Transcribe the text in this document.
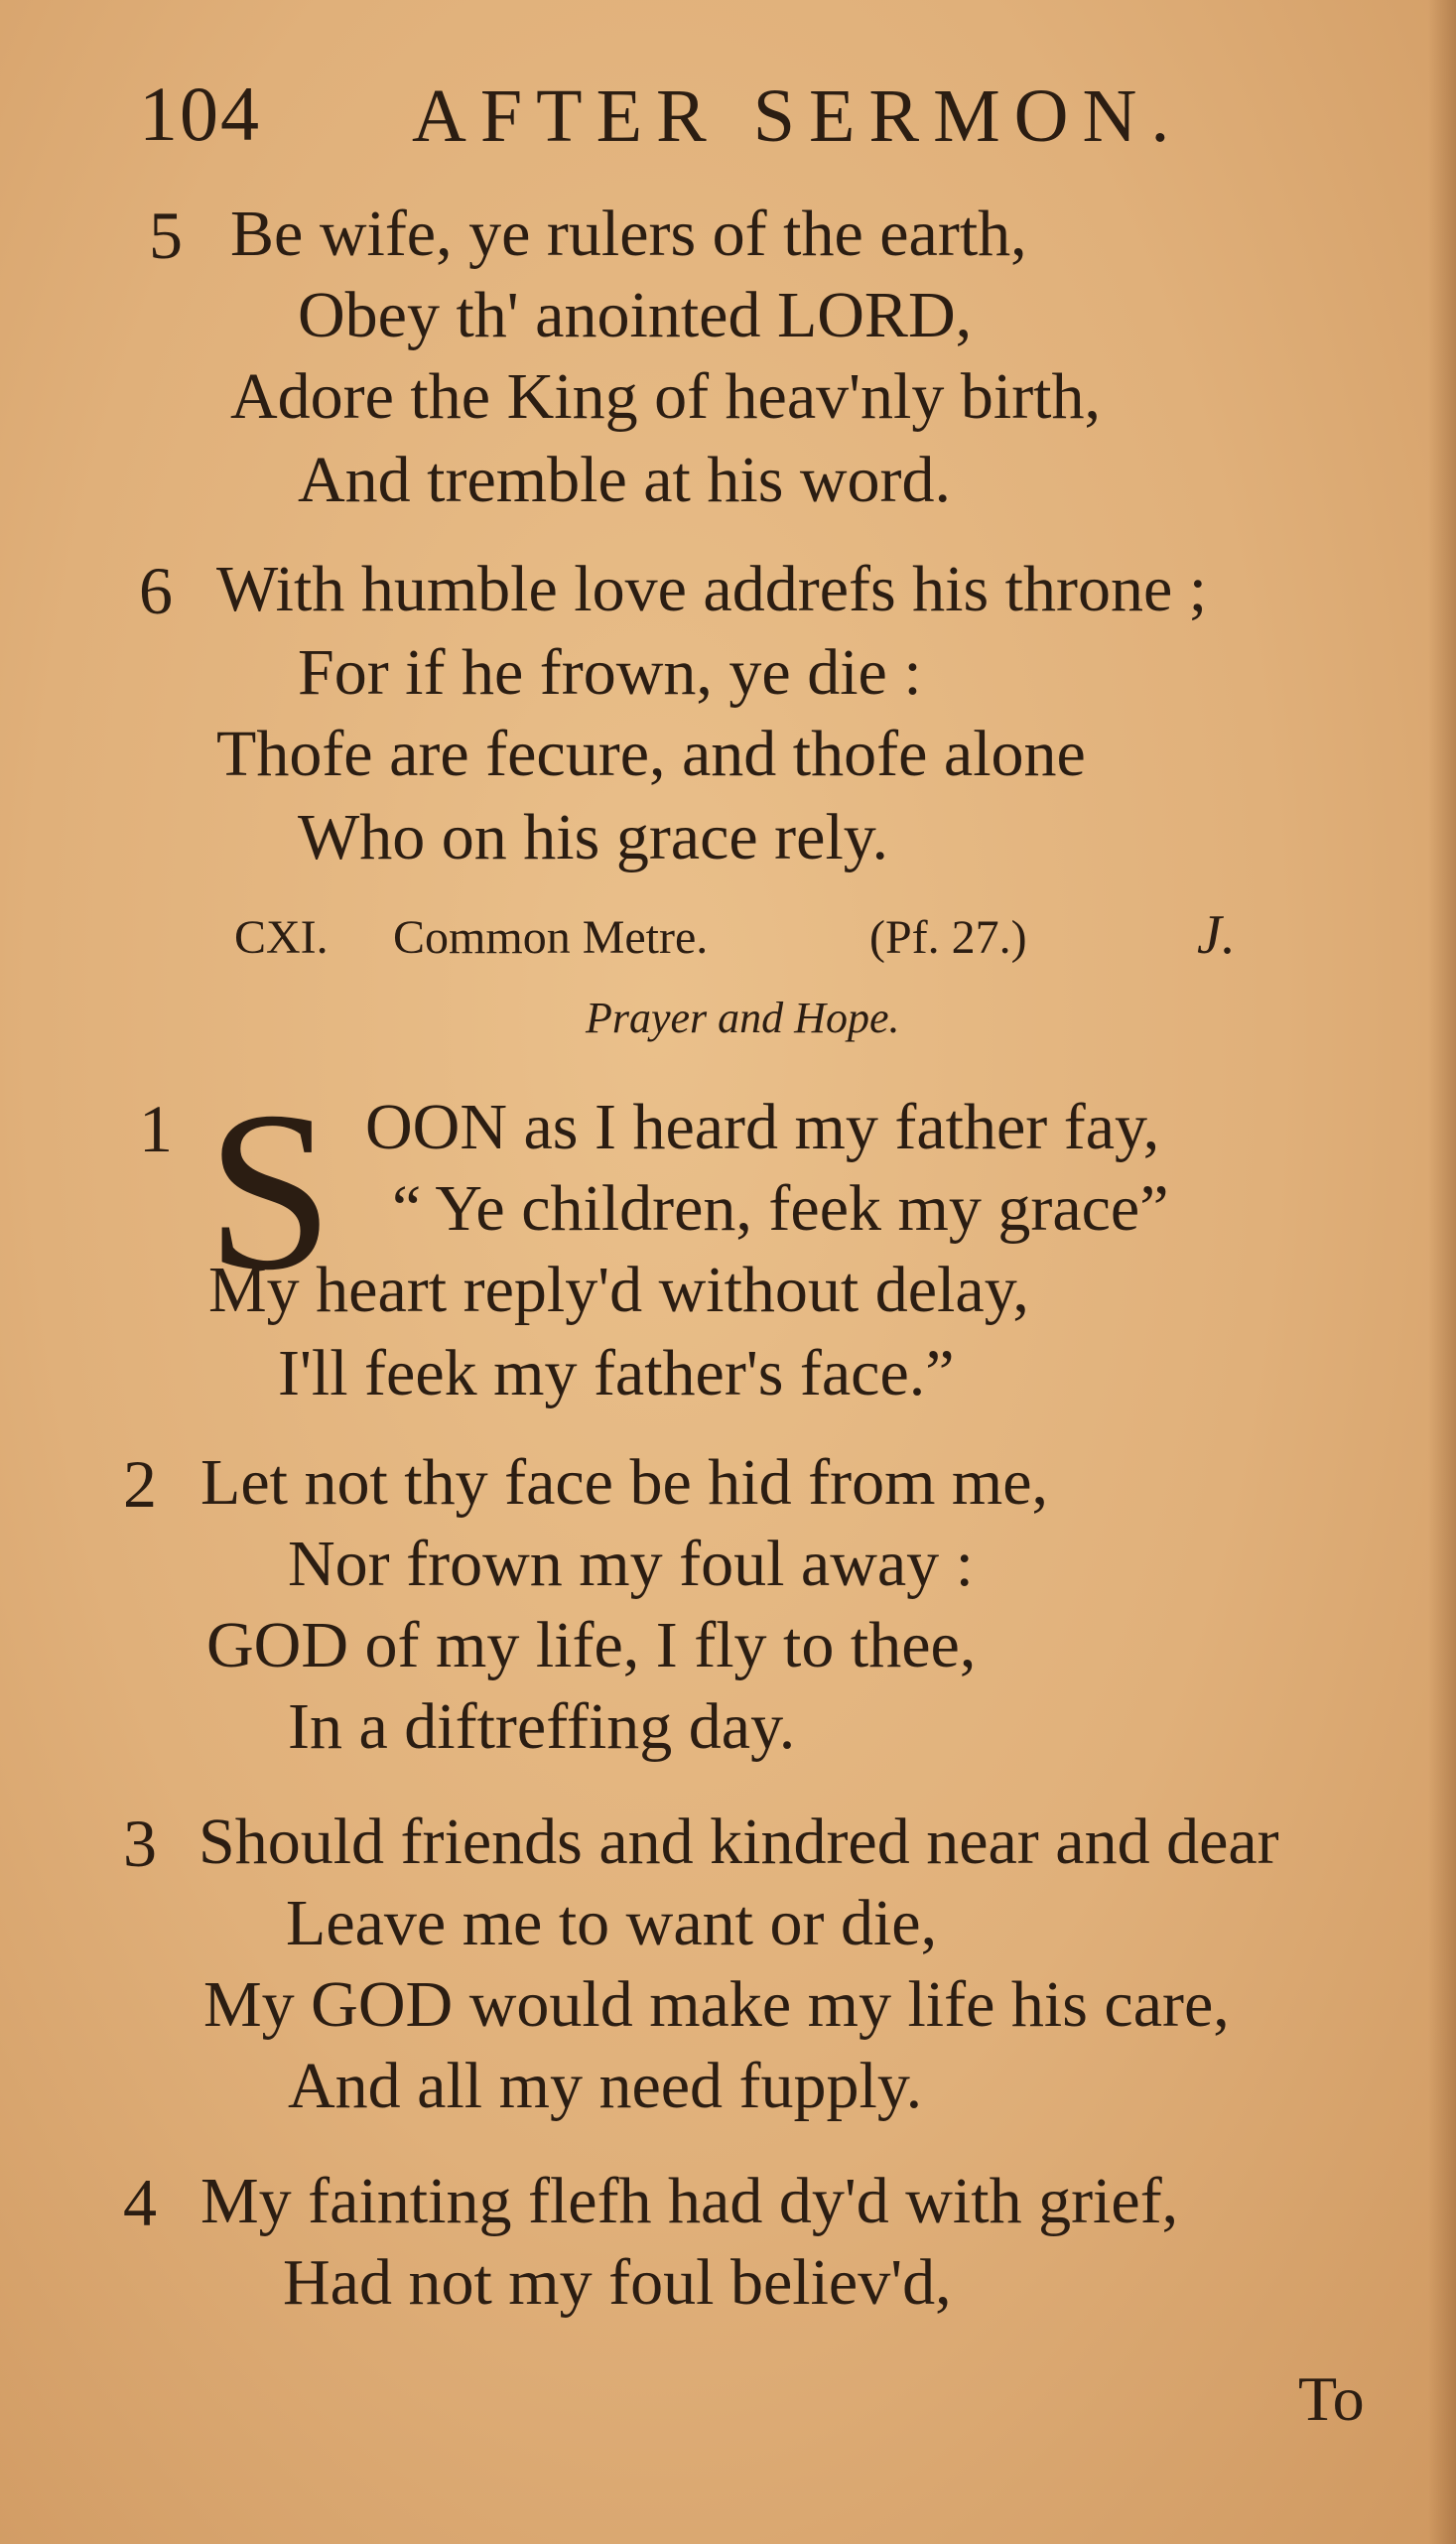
104 AFTER SERMON.
5 Be wife, ye rulers of the earth,
Obey th' anointed LORD,
Adore the King of heav'nly birth,
And tremble at his word.
6 With humble love addrefs his throne ;
For if he frown, ye die :
Thofe are fecure, and thofe alone
Who on his grace rely.
CXI. Common Metre.	(Pf. 27.)	J.
Prayer and Hope.
1 S OON as I heard my father fay,
“ Ye children, feek my grace”
My heart reply'd without delay,
I'll feek my father's face.”
2 Let not thy face be hid from me,
Nor frown my foul away :
GOD of my life, I fly to thee,
In a diftreffing day.
3 Should friends and kindred near and dear
Leave me to want or die,
My GOD would make my life his care,
And all my need fupply.
4 My fainting flefh had dy'd with grief,
Had not my foul believ'd,
To
